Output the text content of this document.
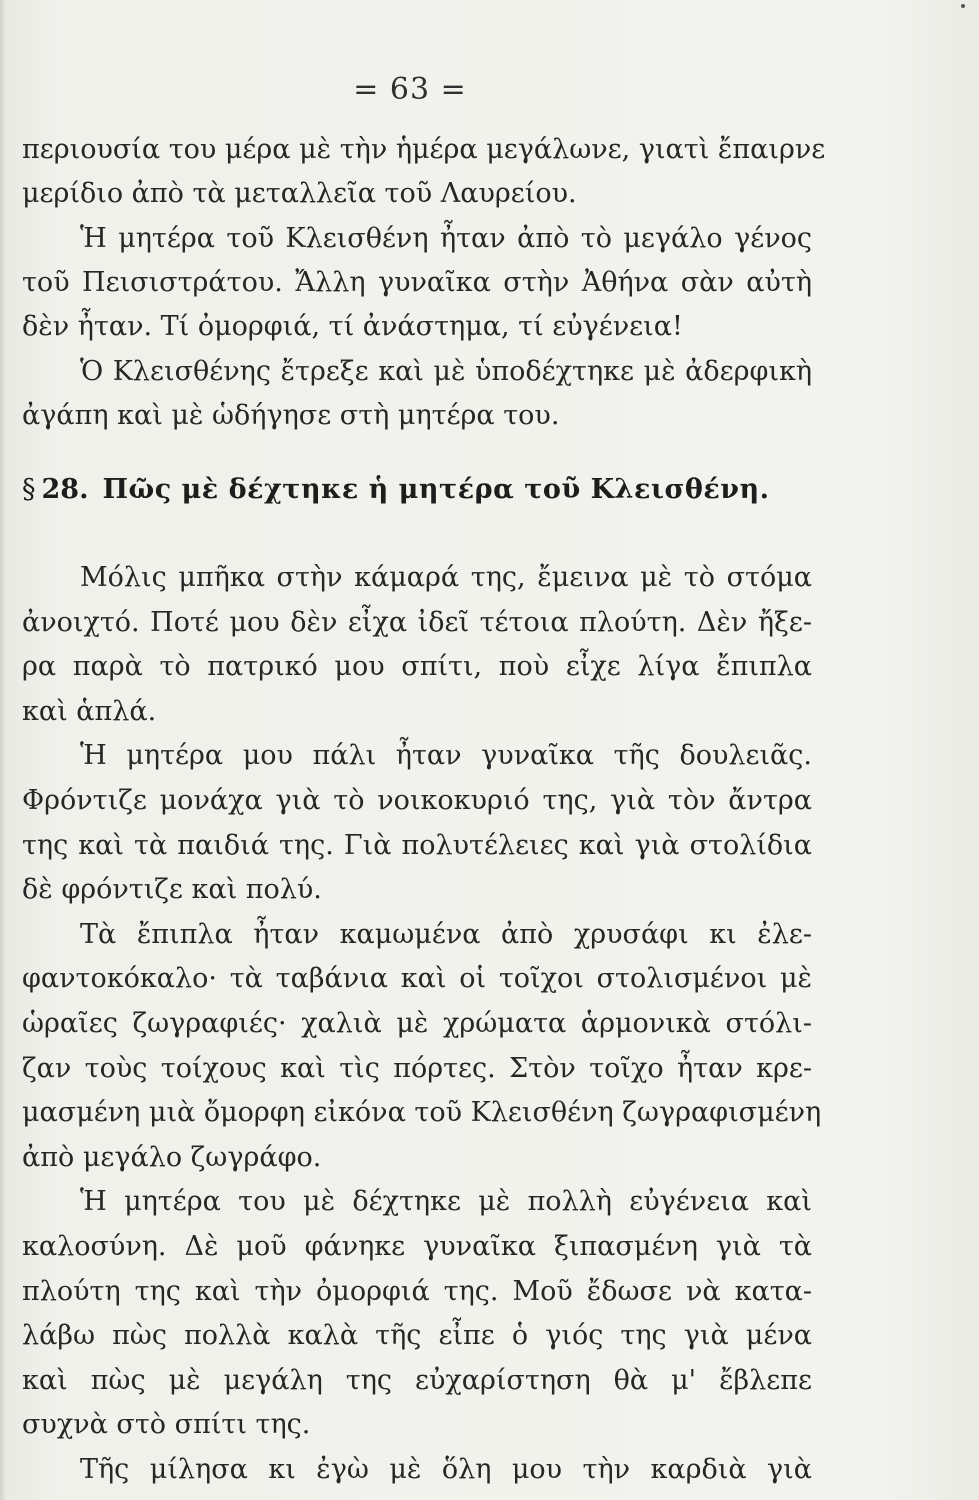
= 63 =
περιουσία του μέρα μὲ τὴν ἡμέρα μεγάλωνε, γιατὶ ἔπαιρνε
μερίδιο ἀπὸ τὰ μεταλλεῖα τοῦ Λαυρείου.
Ἡ μητέρα τοῦ Κλεισθένη ἦταν ἀπὸ τὸ μεγάλο γένος
τοῦ Πεισιστράτου. Ἄλλη γυναῖκα στὴν Ἀθήνα σὰν αὐτὴ
δὲν ἦταν. Τί ὀμορφιά, τί ἀνάστημα, τί εὐγένεια!
Ὁ Κλεισθένης ἔτρεξε καὶ μὲ ὑποδέχτηκε μὲ ἀδερφικὴ
ἀγάπη καὶ μὲ ὡδήγησε στὴ μητέρα του.
§ 28. Πῶς μὲ δέχτηκε ἡ μητέρα τοῦ Κλεισθένη.
Μόλις μπῆκα στὴν κάμαρά της, ἔμεινα μὲ τὸ στόμα
ἀνοιχτό. Ποτέ μου δὲν εἶχα ἰδεῖ τέτοια πλούτη. Δὲν ἤξε-
ρα παρὰ τὸ πατρικό μου σπίτι, ποὺ εἶχε λίγα ἔπιπλα
καὶ ἁπλά.
Ἡ μητέρα μου πάλι ἦταν γυναῖκα τῆς δουλειᾶς.
Φρόντιζε μονάχα γιὰ τὸ νοικοκυριό της, γιὰ τὸν ἄντρα
της καὶ τὰ παιδιά της. Γιὰ πολυτέλειες καὶ γιὰ στολίδια
δὲ φρόντιζε καὶ πολύ.
Τὰ ἔπιπλα ἦταν καμωμένα ἀπὸ χρυσάφι κι ἐλε-
φαντοκόκαλο· τὰ ταβάνια καὶ οἱ τοῖχοι στολισμένοι μὲ
ὡραῖες ζωγραφιές· χαλιὰ μὲ χρώματα ἁρμονικὰ στόλι-
ζαν τοὺς τοίχους καὶ τὶς πόρτες. Στὸν τοῖχο ἦταν κρε-
μασμένη μιὰ ὄμορφη εἰκόνα τοῦ Κλεισθένη ζωγραφισμένη
ἀπὸ μεγάλο ζωγράφο.
Ἡ μητέρα του μὲ δέχτηκε μὲ πολλὴ εὐγένεια καὶ
καλοσύνη. Δὲ μοῦ φάνηκε γυναῖκα ξιπασμένη γιὰ τὰ
πλούτη της καὶ τὴν ὀμορφιά της. Μοῦ ἔδωσε νὰ κατα-
λάβω πὼς πολλὰ καλὰ τῆς εἶπε ὁ γιός της γιὰ μένα
καὶ πὼς μὲ μεγάλη της εὐχαρίστηση θὰ μ' ἔβλεπε
συχνὰ στὸ σπίτι της.
Τῆς μίλησα κι ἐγὼ μὲ ὅλη μου τὴν καρδιὰ γιὰ
